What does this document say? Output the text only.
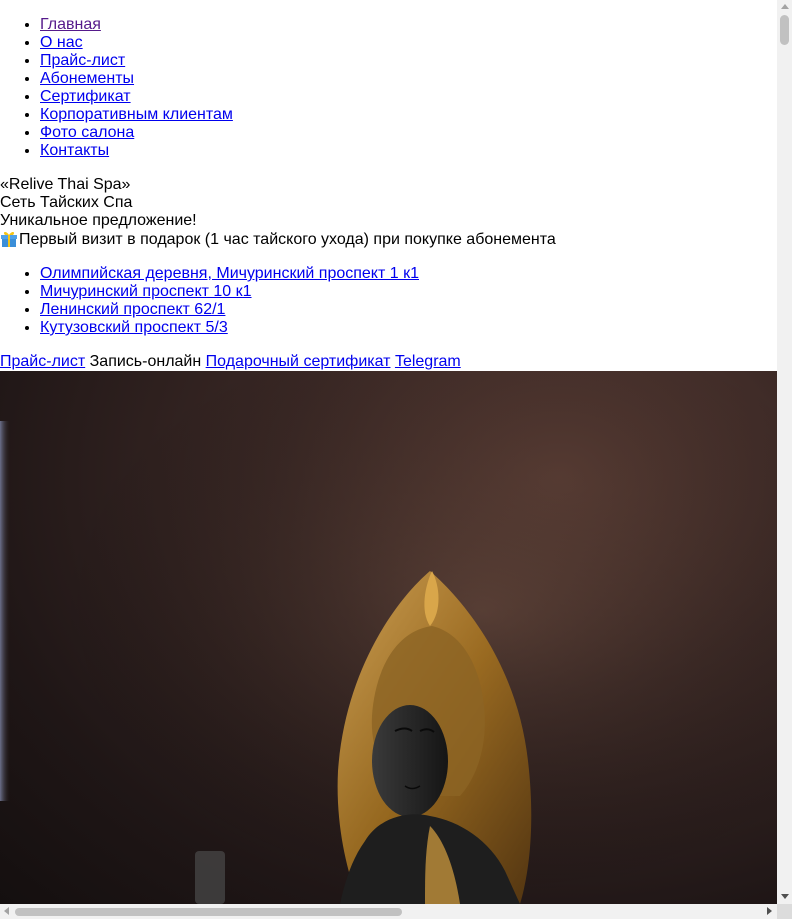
• Главная
• О нас
• Прайс-лист
• Абонементы
• Сертификат
• Корпоративным клиентам
• Фото салона
• Контакты
«Relive Thai Spa»
Сеть Тайских Спа
Уникальное предложение!
Первый визит в подарок (1 час тайского ухода) при покупке абонемента
• Олимпийская деревня, Мичуринский проспект 1 к1
• Мичуринский проспект 10 к1
• Ленинский проспект 62/1
• Кутузовский проспект 5/3
Прайс-лист Запись-онлайн Подарочный сертификат Telegram
